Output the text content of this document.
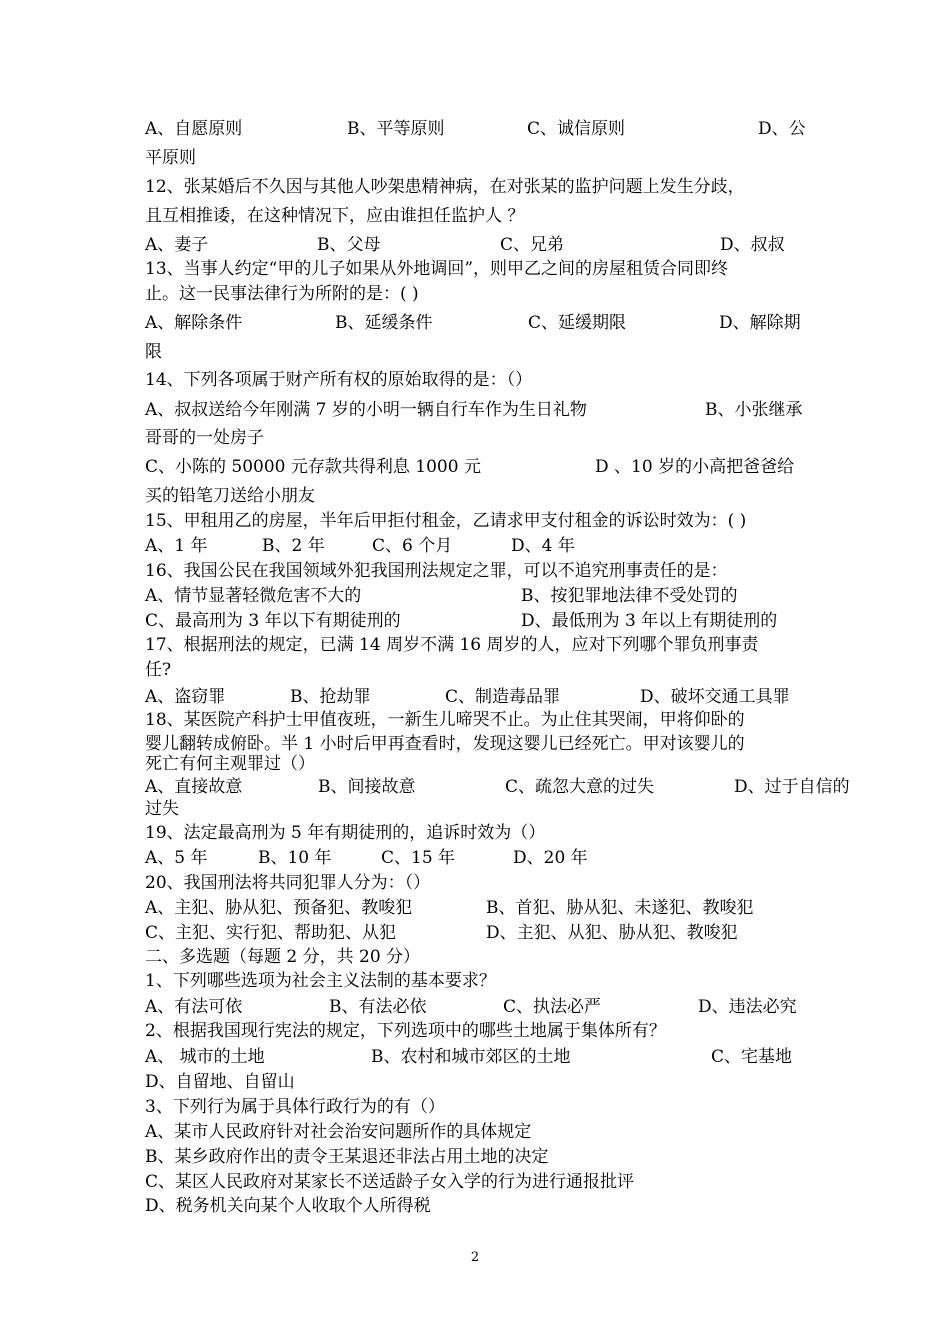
A、自愿原则	B、平等原则	C、诚信原则	D、公
平原则
12、张某婚后不久因与其他人吵架患精神病，在对张某的监护问题上发生分歧，
且互相推诿，在这种情况下，应由谁担任监护人 ？
A、妻子	B、父母	C、兄弟	D、叔叔
13、当事人约定“甲的儿子如果从外地调回”，则甲乙之间的房屋租赁合同即终
止。这一民事法律行为所附的是：( )
A、解除条件	B、延缓条件	C、延缓期限	D、解除期
限
14、下列各项属于财产所有权的原始取得的是：（）
A、叔叔送给今年刚满 7 岁的小明一辆自行车作为生日礼物	B、小张继承
哥哥的一处房子
C、小陈的 50000 元存款共得利息 1000 元	D 、10 岁的小高把爸爸给
买的铅笔刀送给小朋友
15、甲租用乙的房屋，半年后甲拒付租金，乙请求甲支付租金的诉讼时效为：( )
A、1 年	B、2 年	C、6 个月	D、4 年
16、我国公民在我国领域外犯我国刑法规定之罪，可以不追究刑事责任的是：
A、情节显著轻微危害不大的	B、按犯罪地法律不受处罚的
C、最高刑为 3 年以下有期徒刑的	D、最低刑为 3 年以上有期徒刑的
17、根据刑法的规定，已满 14 周岁不满 16 周岁的人，应对下列哪个罪负刑事责
任?
A、盗窃罪	B、抢劫罪	C、制造毒品罪	D、破坏交通工具罪
18、某医院产科护士甲值夜班，一新生儿啼哭不止。为止住其哭闹，甲将仰卧的
婴儿翻转成俯卧。半 1 小时后甲再查看时，发现这婴儿已经死亡。甲对该婴儿的
死亡有何主观罪过（）
A、直接故意	B、间接故意	C、疏忽大意的过失	D、过于自信的
过失
19、法定最高刑为 5 年有期徒刑的，追诉时效为（）
A、5 年	B、10 年	C、15 年	D、20 年
20、我国刑法将共同犯罪人分为：（）
A、主犯、胁从犯、预备犯、教唆犯	B、首犯、胁从犯、未遂犯、教唆犯
C、主犯、实行犯、帮助犯、从犯	D、主犯、从犯、胁从犯、教唆犯
二、多选题（每题 2 分，共 20 分）
1、下列哪些选项为社会主义法制的基本要求？
A、有法可依	B、有法必依	C、执法必严	D、违法必究
2、根据我国现行宪法的规定，下列选项中的哪些土地属于集体所有？
A、 城市的土地	B、农村和城市郊区的土地	C、宅基地
D、自留地、自留山
3、下列行为属于具体行政行为的有（）
A、某市人民政府针对社会治安问题所作的具体规定
B、某乡政府作出的责令王某退还非法占用土地的决定
C、某区人民政府对某家长不送适龄子女入学的行为进行通报批评
D、税务机关向某个人收取个人所得税
2
